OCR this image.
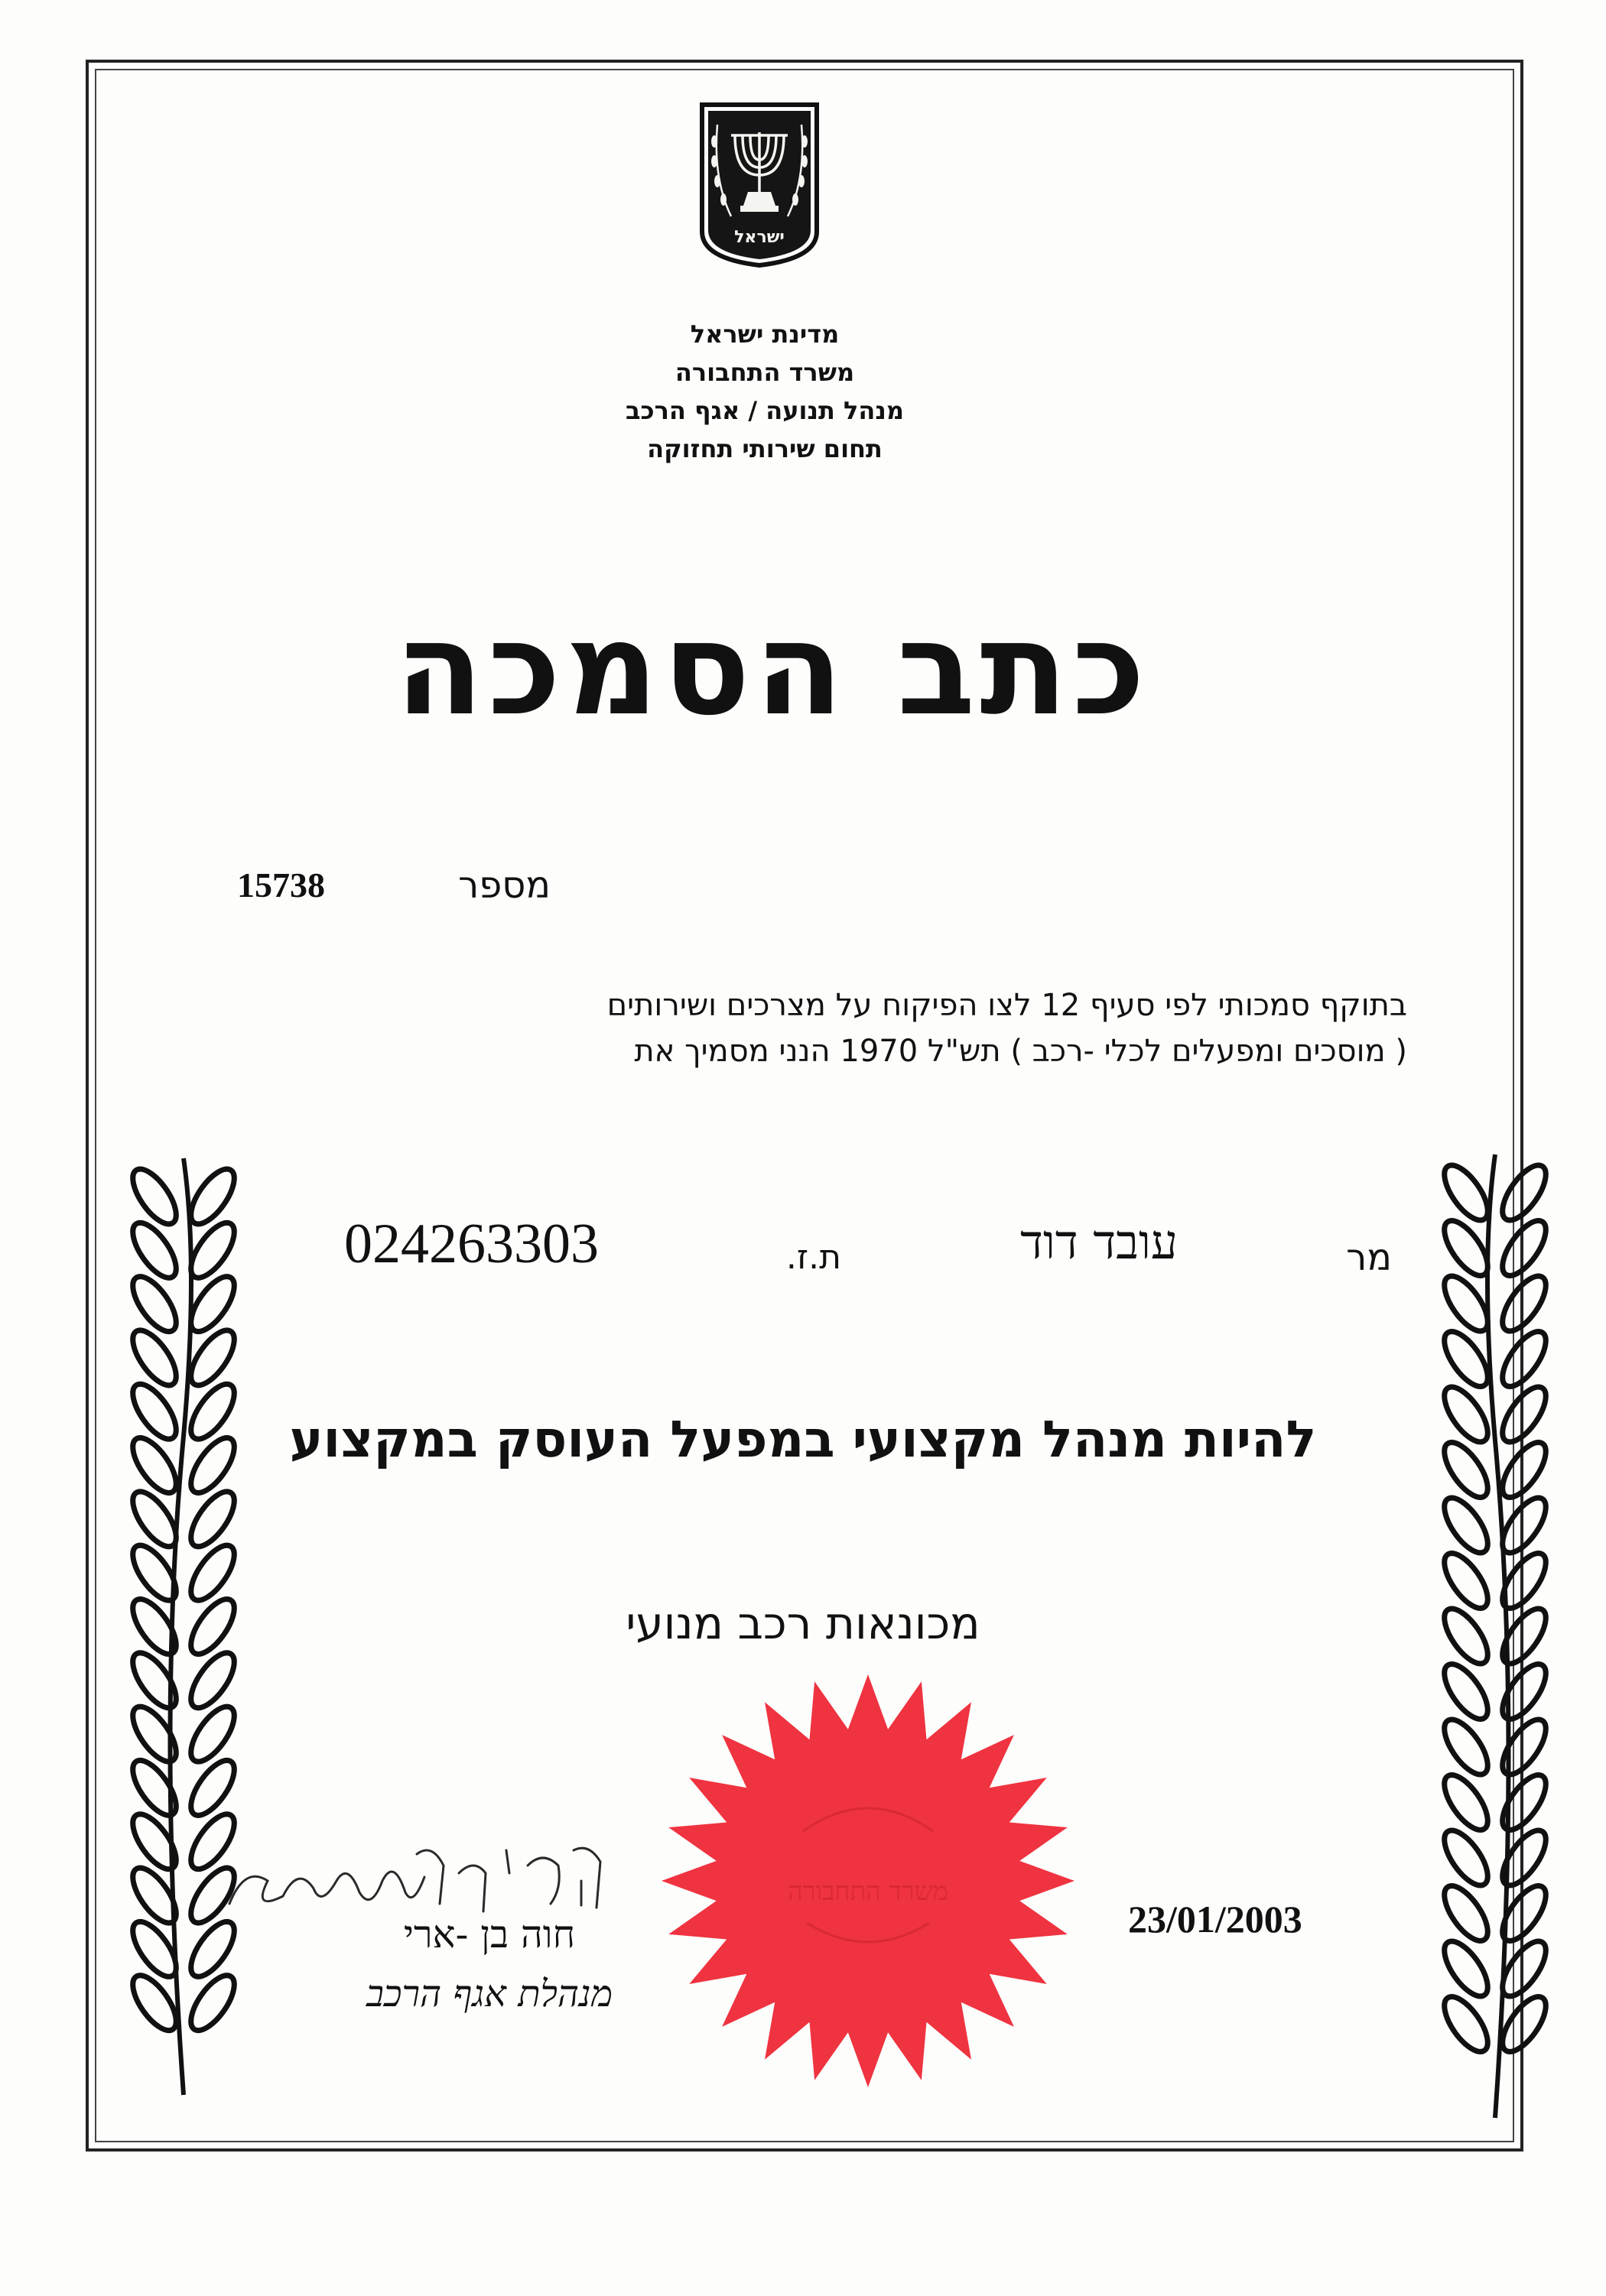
ישראל
מדינת ישראל
משרד התחבורה
מנהל תנועה / אגף הרכב
תחום שירותי תחזוקה
כתב הסמכה
מספר
15738
בתוקף סמכותי לפי סעיף 12 לצו הפיקוח על מצרכים ושירותים
( מוסכים ומפעלים לכלי -רכב ) תש"ל 1970 הנני מסמיך את
מר
עובד דוד
ת.ז.
024263303
להיות מנהל מקצועי במפעל העוסק במקצוע
מכונאות רכב מנועי
משרד התחבורה
חוה בן -ארי
מנהלת אגף הרכב
23/01/2003
